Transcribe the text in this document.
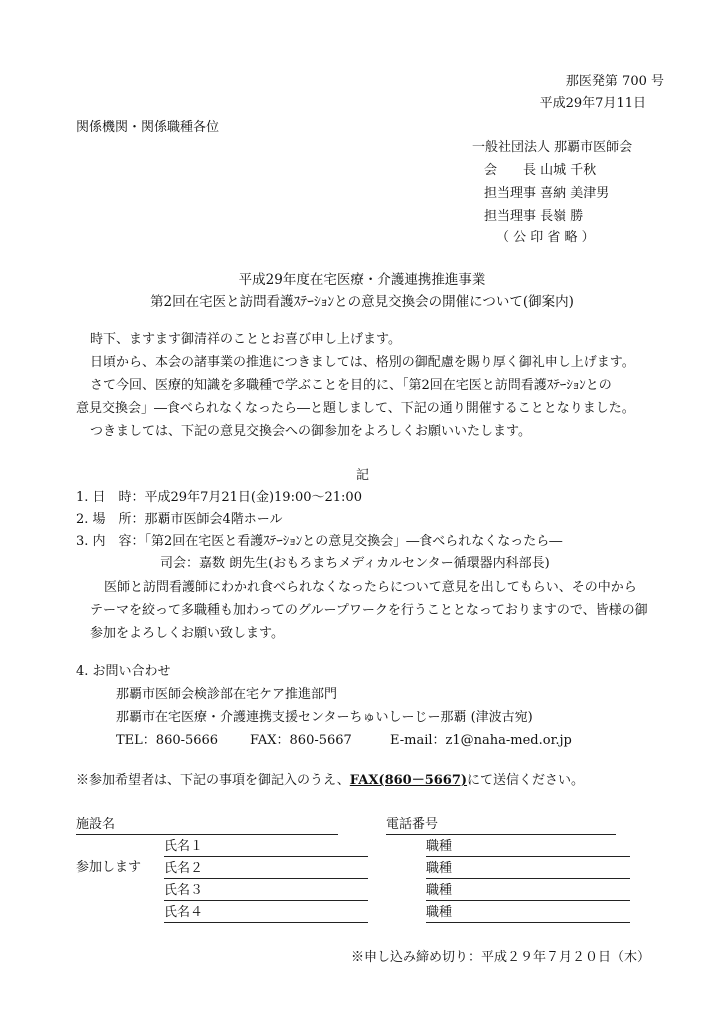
那医発第 700 号
平成29年7月11日
関係機関・関係職種各位
一般社団法人 那覇市医師会
会　　長 山城 千秋
担当理事 喜納 美津男
担当理事 長嶺 勝
（ 公 印 省 略 ）
平成29年度在宅医療・介護連携推進事業
第2回在宅医と訪問看護ｽﾃｰｼｮﾝとの意見交換会の開催について(御案内)
時下、ますます御清祥のこととお喜び申し上げます。
日頃から、本会の諸事業の推進につきましては、格別の御配慮を賜り厚く御礼申し上げます。
さて今回、医療的知識を多職種で学ぶことを目的に、「第2回在宅医と訪問看護ｽﾃｰｼｮﾝとの
意見交換会」―食べられなくなったら―と題しまして、下記の通り開催することとなりました。
つきましては、下記の意見交換会への御参加をよろしくお願いいたします。
記
1. 日　時：平成29年7月21日(金)19:00～21:00
2. 場　所：那覇市医師会4階ホール
3. 内　容：「第2回在宅医と看護ｽﾃｰｼｮﾝとの意見交換会」―食べられなくなったら―
司会：嘉数 朗先生(おもろまちメディカルセンター循環器内科部長)
医師と訪問看護師にわかれ食べられなくなったらについて意見を出してもらい、その中から
テーマを絞って多職種も加わってのグループワークを行うこととなっておりますので、皆様の御
参加をよろしくお願い致します。
4. お問い合わせ
那覇市医師会検診部在宅ケア推進部門
那覇市在宅医療・介護連携支援センターちゅいしーじー那覇 (津波古宛)
TEL：860-5666 FAX：860-5667	E-mail：z1@naha-med.or.jp
※参加希望者は、下記の事項を御記入のうえ、FAX(860－5667)にて送信ください。
施設名	電話番号
参加します
氏名１	職種
氏名２	職種
氏名３	職種
氏名４	職種
※申し込み締め切り：平成２９年７月２０日（木）
